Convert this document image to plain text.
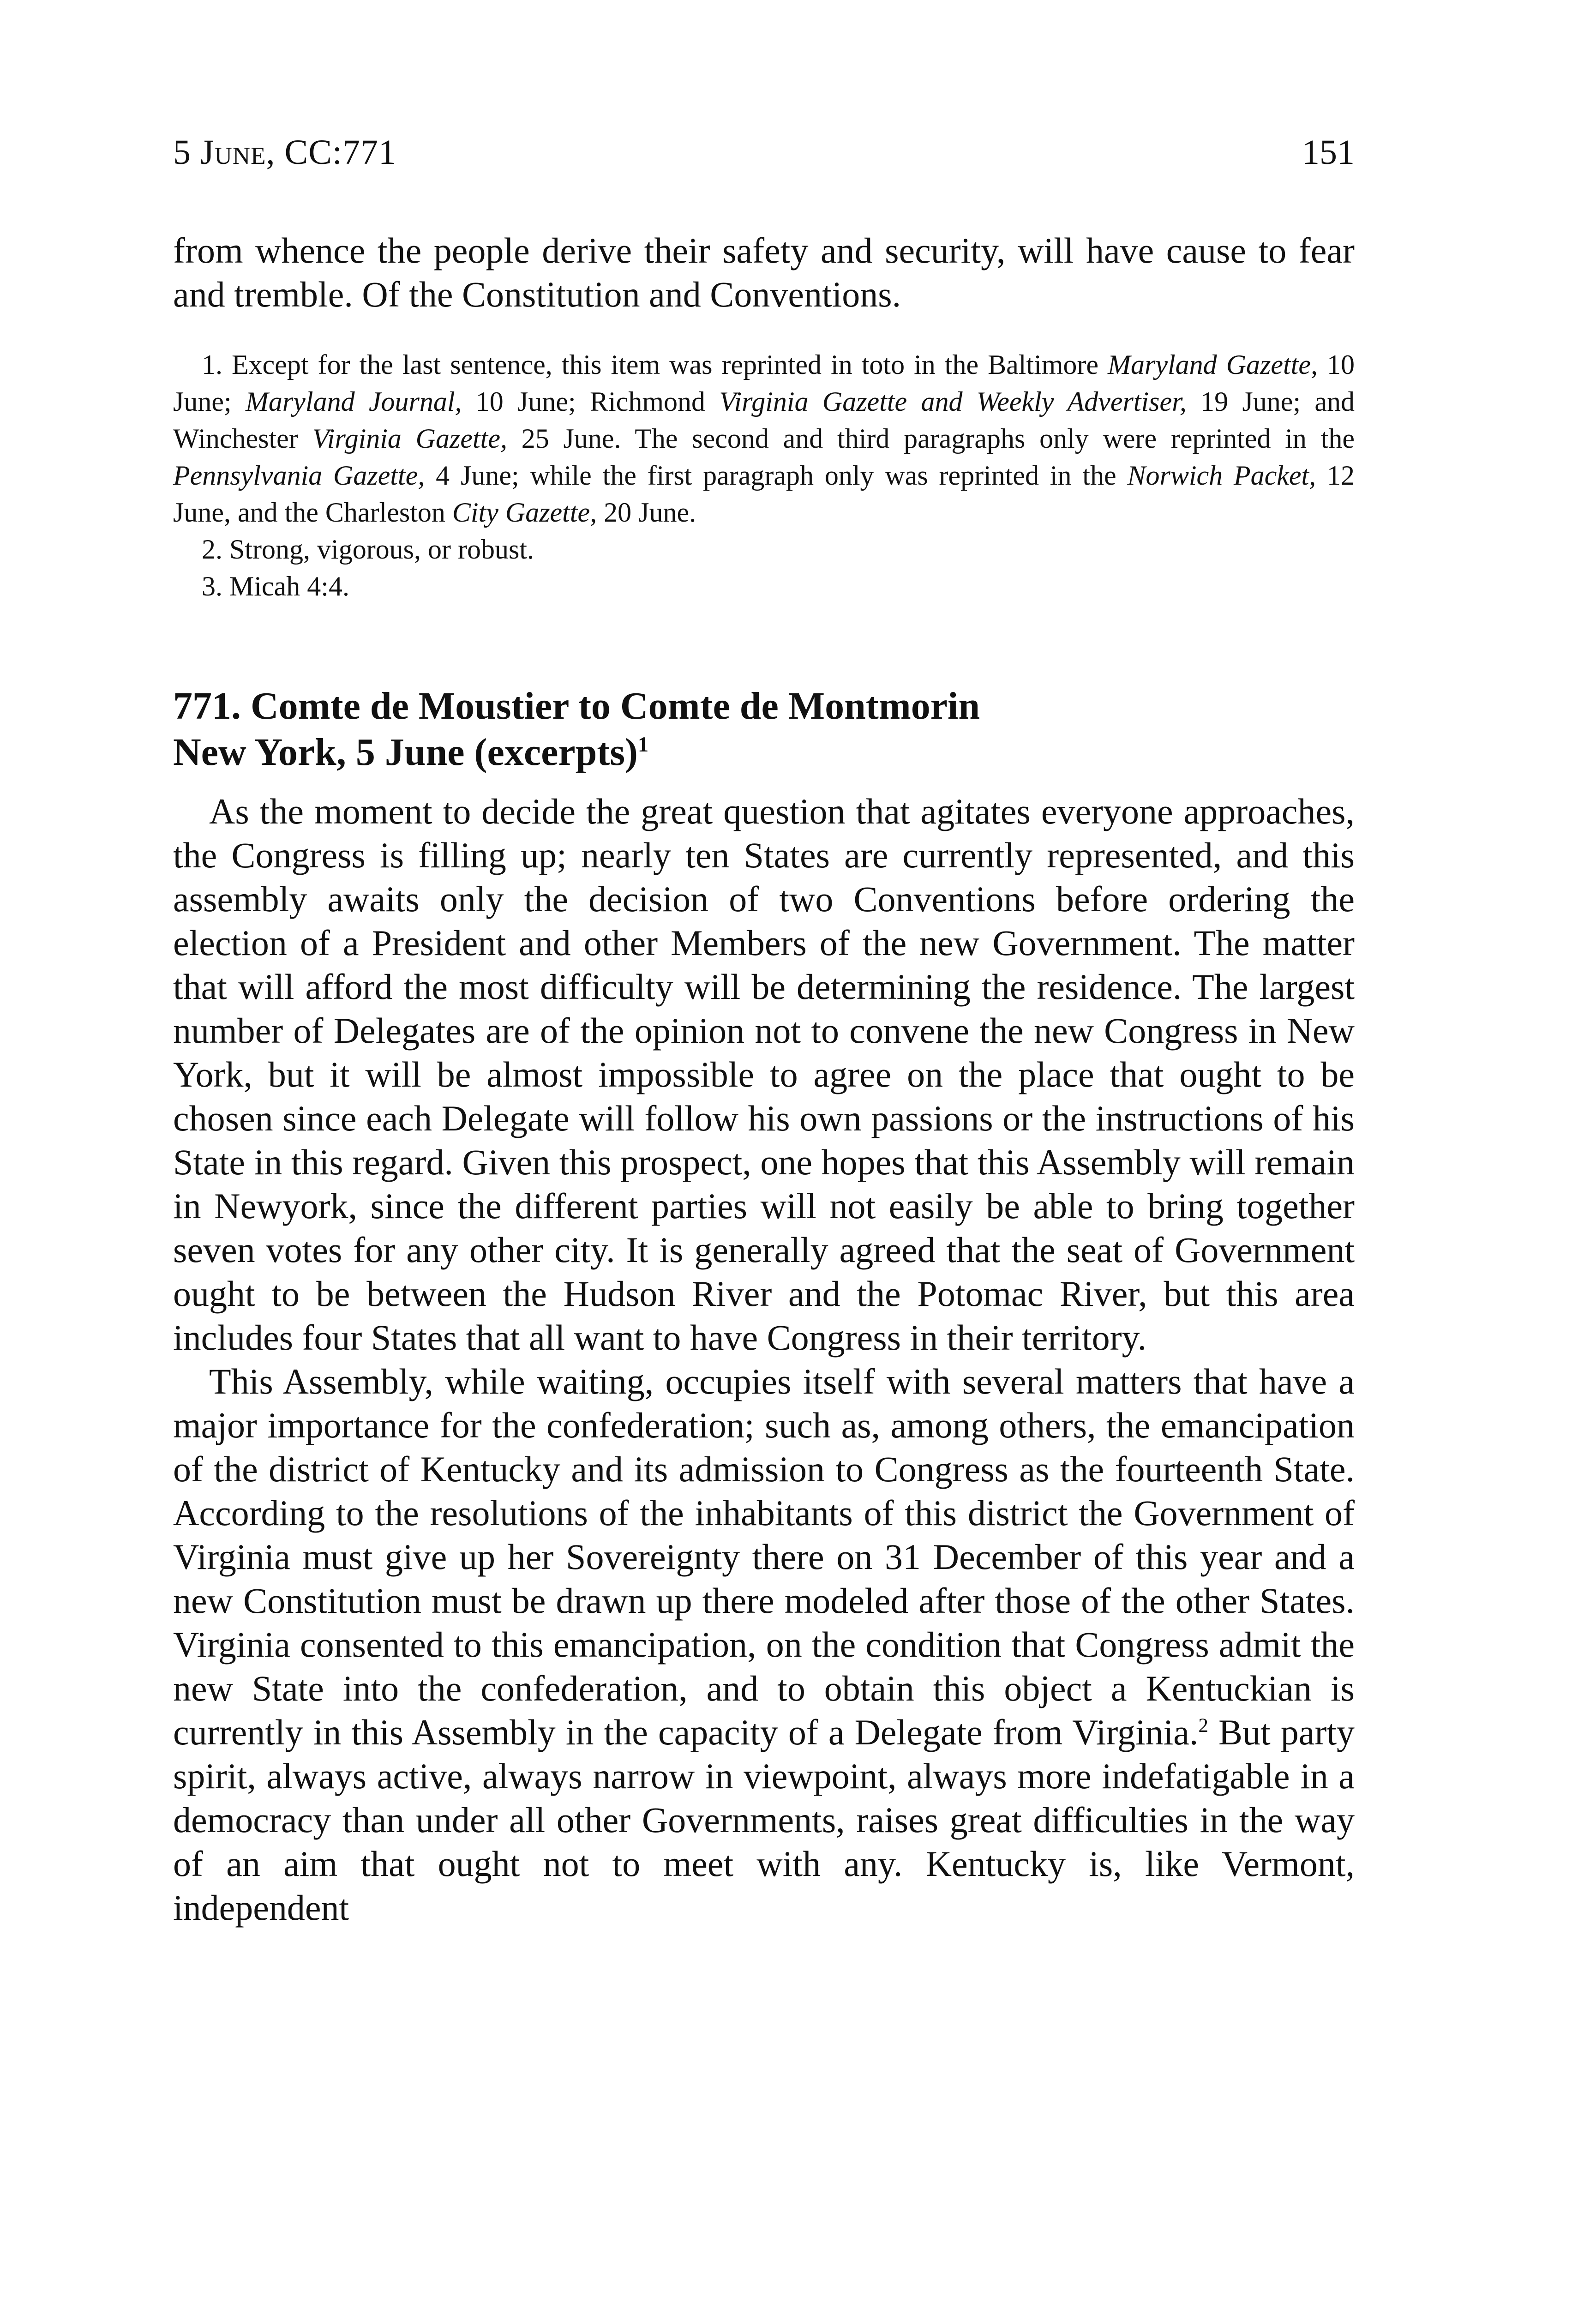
5 June, CC:771	151

from whence the people derive their safety and security, will have cause to fear and tremble. Of the Constitution and Conventions.

1. Except for the last sentence, this item was reprinted in toto in the Baltimore Maryland Gazette, 10 June; Maryland Journal, 10 June; Richmond Virginia Gazette and Weekly Advertiser, 19 June; and Winchester Virginia Gazette, 25 June. The second and third paragraphs only were reprinted in the Pennsylvania Gazette, 4 June; while the first paragraph only was reprinted in the Norwich Packet, 12 June, and the Charleston City Gazette, 20 June.

2. Strong, vigorous, or robust.

3. Micah 4:4.

771. Comte de Moustier to Comte de Montmorin
New York, 5 June (excerpts)$^1$

As the moment to decide the great question that agitates everyone approaches, the Congress is filling up; nearly ten States are currently represented, and this assembly awaits only the decision of two Conventions before ordering the election of a President and other Members of the new Government. The matter that will afford the most difficulty will be determining the residence. The largest number of Delegates are of the opinion not to convene the new Congress in New York, but it will be almost impossible to agree on the place that ought to be chosen since each Delegate will follow his own passions or the instructions of his State in this regard. Given this prospect, one hopes that this Assembly will remain in Newyork, since the different parties will not easily be able to bring together seven votes for any other city. It is generally agreed that the seat of Government ought to be between the Hudson River and the Potomac River, but this area includes four States that all want to have Congress in their territory.

This Assembly, while waiting, occupies itself with several matters that have a major importance for the confederation; such as, among others, the emancipation of the district of Kentucky and its admission to Congress as the fourteenth State. According to the resolutions of the inhabitants of this district the Government of Virginia must give up her Sovereignty there on 31 December of this year and a new Constitution must be drawn up there modeled after those of the other States. Virginia consented to this emancipation, on the condition that Congress admit the new State into the confederation, and to obtain this object a Kentuckian is currently in this Assembly in the capacity of a Delegate from Virginia.$^2$ But party spirit, always active, always narrow in viewpoint, always more indefatigable in a democracy than under all other Governments, raises great difficulties in the way of an aim that ought not to meet with any. Kentucky is, like Vermont, independent
